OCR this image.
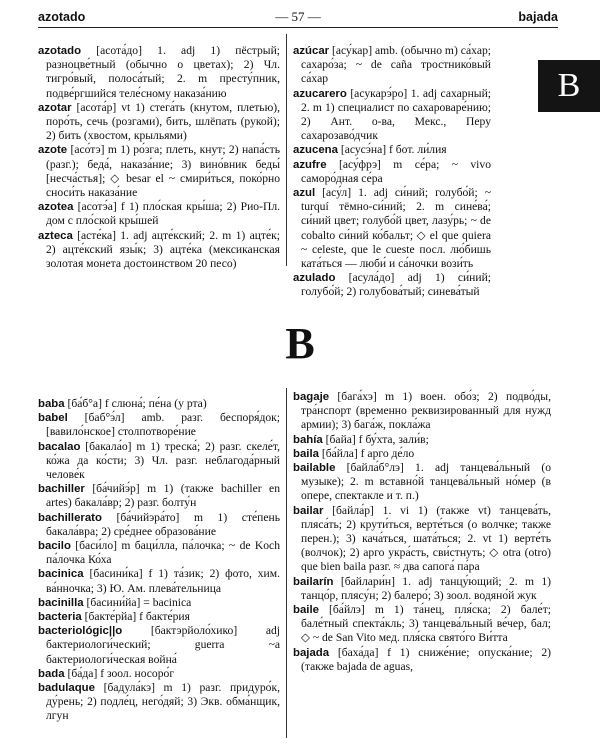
azotado	— 57 —	bajada
B

azotado [асота́до] 1. adj 1) пёстрый; разноцве́тный (обычно о цветах); 2) Чл. тигро́вый, полоса́тый; 2. m престу́пник, подве́ргшийся теле́сному наказа́нию

azotar [асота́р] vt 1) стега́ть (кнутом, плетью), поро́ть, сечь (розгами), бить, шлёпать (рукой); 2) бить (хвостом, крыльями)

azote [асо́тэ] m 1) ро́зга; плеть, кнут; 2) напа́сть (разг.); беда́, наказа́ние; 3) вино́вник беды́ [несча́стья]; ◇ besar el ~ смири́ться, поко́рно сноси́ть наказа́ние

azotea [асотэ́а] f 1) пло́ская кры́ша; 2) Рио-Пл. дом с пло́ской кры́шей

azteca [асте́ка] 1. adj ацте́кский; 2. m 1) ацте́к; 2) ацте́кский язы́к; 3) ацте́ка (мексиканская золотая монета достоинством 20 песо)

azúcar [асу́кар] amb. (обычно m) са́хар; сахаро́за; ~ de caña тростнико́вый са́хар

azucarero [асукарэ́ро] 1. adj сахарный; 2. m 1) специалист по сахароваре́нию; 2) Ант. о-ва, Мекс., Перу сахарозаво́дчик

azucena [асусэ́на] f бот. ли́лия

azufre [асу́фрэ] m се́ра; ~ vivo саморо́дная се́ра

azul [асу́л] 1. adj си́ний; голубо́й; ~ turquí тёмно-си́ний; 2. m сине́ва́; си́ний цвет; голубо́й цвет, лазу́рь; ~ de cobalto си́ний ко́бальт; ◇ el que quiera ~ celeste, que le cueste посл. лю́бишь ката́ться — люби́ и са́ночки вози́ть

azulado [асула́до] adj 1) си́ний; голубо́й; 2) голубова́тый; синева́тый

B

baba [ба́б°а] f слюна́; пе́на (у рта)

babel [баб°э́л] amb. разг. беспоря́док; [вавило́нское] столпотворе́ние

bacalao [бакала́о] m 1) треска́; 2) разг. скеле́т, ко́жа да ко́сти; 3) Чл. разг. неблагода́рный челове́к

bachiller [ба́чийэ́р] m 1) (также bachiller en artes) бакала́вр; 2) разг. болту́н

bachillerato [ба́чийэра́то] m 1) сте́пень бакала́вра; 2) сре́днее образова́ние

bacilo [баси́ло] m баци́лла, па́лочка; ~ de Koch па́лочка Ко́ха

bacinica [басини́ка] f 1) та́зик; 2) фото, хим. ва́нночка; 3) Ю. Ам. плева́тельница

bacinilla [басини́йа] = bacinica

bacteria [бакте́рйа] f бакте́рия

bacteriológic||o [бактэрйоло́хико] adj бактериологи́ческий; guerra ~a бактериологи́ческая война́

bada [ба́да] f зоол. носоро́г

badulaque [бадула́кэ] m 1) разг. придуро́к, ду́рень; 2) подле́ц, него́дяй; 3) Экв. обма́нщик, лгун

bagaje [бага́хэ] m 1) воен. обо́з; 2) подво́ды, тра́нспорт (временно реквизированный для нужд армии); 3) бага́ж, покла́жа

bahía [байа] f бу́хта, зали́в;

baila [ба́йла] f арго де́ло

bailable [байла́б°лэ] 1. adj танцева́льный (о музыке); 2. m вставно́й танцева́льный но́мер (в опере, спектакле и т. п.)

bailar [байла́р] 1. vi 1) (также vt) танцева́ть, пляса́ть; 2) крути́ться, верте́ться (о волчке; также перен.); 3) кача́ться, шата́ться; 2. vt 1) верте́ть (волчок); 2) арго укра́сть, сви́стнуть; ◇ otra (otro) que bien baila разг. ≈ два сапога́ па́ра

bailarín [байлари́н] 1. adj танцу́ющий; 2. m 1) танцо́р, плясу́н; 2) балеро́; 3) зоол. водяно́й жук

baile [ба́йлэ] m 1) та́нец, пля́ска; 2) бале́т; бале́тный спекта́кль; 3) танцева́льный ве́чер, бал; ◇ ~ de San Vito мед. пля́ска свято́го Ви́тта

bajada [баха́да] f 1) сниже́ние; опуска́ние; 2) (также bajada de aguas,
